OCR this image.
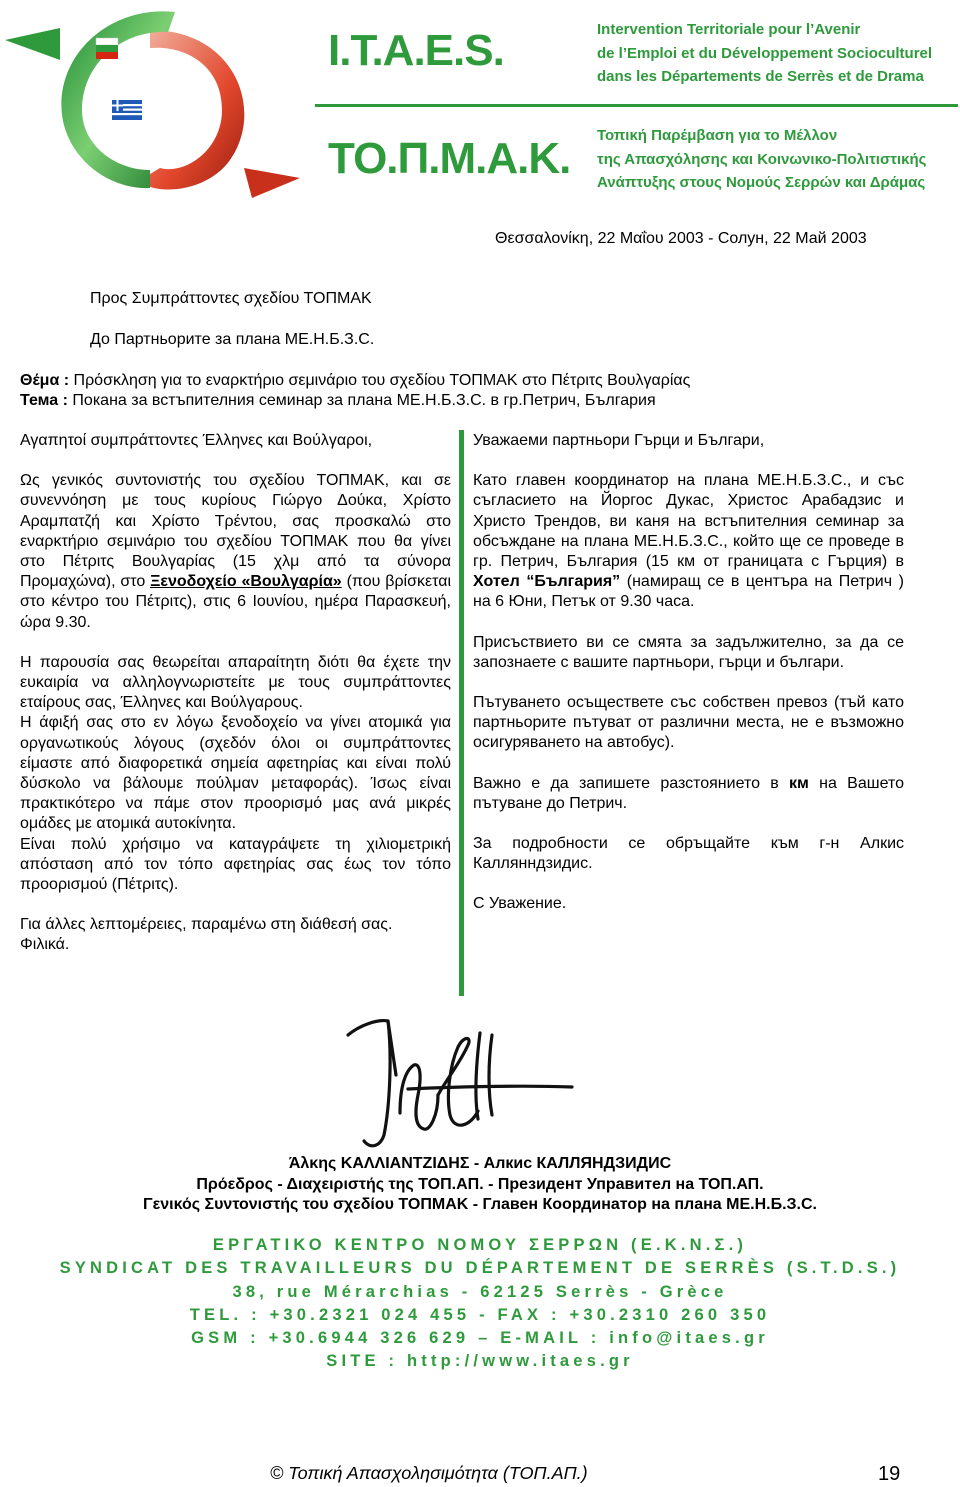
I.T.A.E.S.
ΤΟ.Π.Μ.Α.Κ.
Intervention Territoriale pour l’Avenir
de l’Emploi et du Développement Socioculturel
dans les Départements de Serrès et de Drama
Τοπική Παρέμβαση για το Μέλλον
της Απασχόλησης και Κοινωνικο-Πολιτιστικής
Ανάπτυξης στους Νομούς Σερρών και Δράμας
Θεσσαλονίκη, 22 Μαΐου 2003 - Солун, 22 Май 2003
Προς Συμπράττοντες σχεδίου ΤΟΠΜΑΚ
До Партньорите за плана МЕ.Н.Б.З.С.
Θέμα : Πρόσκληση για το εναρκτήριο σεμινάριο του σχεδίου ΤΟΠΜΑΚ στο Πέτριτς Βουλγαρίας
Тема : Покана за встъпителния семинар за плана МЕ.Н.Б.З.С. в гр.Петрич, България

Αγαπητοί συμπράττοντες Έλληνες και Βούλγαροι,

Ως γενικός συντονιστής του σχεδίου ΤΟΠΜΑΚ, και σε συνεννόηση με τους κυρίους Γιώργο Δούκα, Χρίστο Αραμπατζή και Χρίστο Τρέντου, σας προσκαλώ στο εναρκτήριο σεμινάριο του σχεδίου ΤΟΠΜΑΚ που θα γίνει στο Πέτριτς Βουλγαρίας (15 χλμ από τα σύνορα Προμαχώνα), στο Ξενοδοχείο «Βουλγαρία» (που βρίσκεται στο κέντρο του Πέτριτς), στις 6 Ιουνίου, ημέρα Παρασκευή, ώρα 9.30.

Η παρουσία σας θεωρείται απαραίτητη διότι θα έχετε την ευκαιρία να αλληλογνωριστείτε με τους συμπράττοντες εταίρους σας, Έλληνες και Βούλγαρους.

Η άφιξή σας στο εν λόγω ξενοδοχείο να γίνει ατομικά για οργανωτικούς λόγους (σχεδόν όλοι οι συμπράττοντες είμαστε από διαφορετικά σημεία αφετηρίας και είναι πολύ δύσκολο να βάλουμε πούλμαν μεταφοράς). Ίσως είναι πρακτικότερο να πάμε στον προορισμό μας ανά μικρές ομάδες με ατομικά αυτοκίνητα.

Είναι πολύ χρήσιμο να καταγράψετε τη χιλιομετρική απόσταση από τον τόπο αφετηρίας σας έως τον τόπο προορισμού (Πέτριτς).

Για άλλες λεπτομέρειες, παραμένω στη διάθεσή σας.

Φιλικά.

Уважаеми партньори Гърци и Българи,

Като главен координатор на плана МЕ.Н.Б.З.С., и със съгласието на Йоргос Дукас, Христос Арабадзис и Христо Трендов, ви каня на встъпителния семинар за обсъждане на плана МЕ.Н.Б.З.С., който ще се проведе в гр. Петрич, България (15 км от границата с Гърция) в Хотел “България” (намиращ се в центъра на Петрич ) на 6 Юни, Петък от 9.30 часа.

Присъствието ви се смята за задължително, за да се запознаете с вашите партньори, гърци и българи.

Пътуването осъществете със собствен превоз (тъй като партньорите пътуват от различни места, не е възможно осигуряването на автобус).

Важно е да запишете разстоянието в км на Вашето пътуване до Петрич.

За подробности се обръщайте към г-н Алкис Каллянндзидис.

С Уважение.

Άλκης ΚΑΛΛΙΑΝΤΖΙΔΗΣ - Алкис КАЛЛЯНДЗИДИС
Πρόεδρος - Διαχειριστής της ΤΟΠ.ΑΠ. - Президент Управител на ТОП.АП.
Γενικός Συντονιστής του σχεδίου ΤΟΠΜΑΚ - Главен Координатор на плана МЕ.Н.Б.З.С.
ΕΡΓΑΤΙΚΟ ΚΕΝΤΡΟ ΝΟΜΟΥ ΣΕΡΡΩΝ (Ε.Κ.Ν.Σ.)
SYNDICAT DES TRAVAILLEURS DU DÉPARTEMENT DE SERRÈS (S.T.D.S.)
38, rue Mérarchias - 62125 Serrès - Grèce
TEL. : +30.2321 024 455 - FAX : +30.2310 260 350
GSM : +30.6944 326 629 – E-MAIL : info@itaes.gr
SITE : http://www.itaes.gr
© Τοπική Απασχολησιμότητα (ΤΟΠ.ΑΠ.)	19
